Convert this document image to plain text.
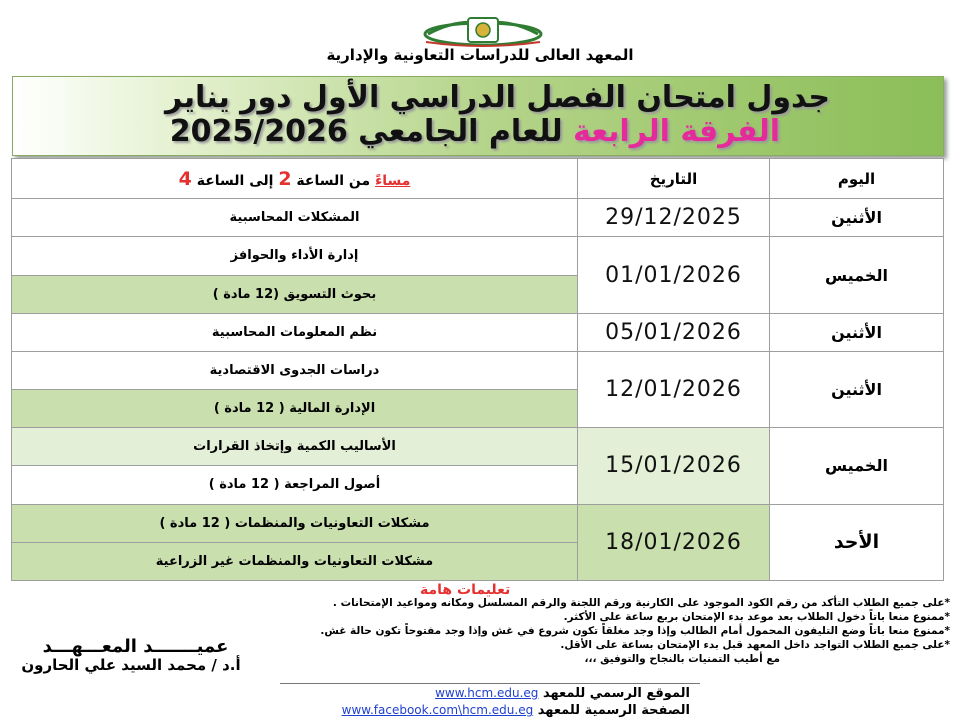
المعهد العالى للدراسات التعاونية والإدارية
جدول امتحان الفصل الدراسي الأول دور يناير
الفرقة الرابعة للعام الجامعي 2025/2026
اليوم	التاريخ	مساءً من الساعة 2 إلى الساعة 4
الأثنين	29/12/2025	المشكلات المحاسبية
الخميس	01/01/2026	إدارة الأداء والحوافز
		بحوث التسويق (12 مادة )
الأثنين	05/01/2026	نظم المعلومات المحاسبية
الأثنين	12/01/2026	دراسات الجدوى الاقتصادية
		الإدارة المالية ( 12 مادة )
الخميس	15/01/2026	الأساليب الكمية وإتخاذ القرارات
		أصول المراجعة ( 12 مادة )
الأحد	18/01/2026	مشكلات التعاونيات والمنظمات ( 12 مادة )
		مشكلات التعاونيات والمنظمات غير الزراعية
تعليمات هامة
*على جميع الطلاب التأكد من رقم الكود الموجود على الكارنية ورقم اللجنة والرقم المسلسل ومكانه ومواعيد الإمتحانات .
*ممنوع منعا باتاً دخول الطلاب بعد موعد بدء الإمتحان بربع ساعة على الأكثر.
*ممنوع منعا باتاً وضع التليفون المحمول أمام الطالب وإذا وجد مغلقاً تكون شروع في غش وإذا وجد مفتوحاً تكون حالة غش.
*على جميع الطلاب التواجد داخل المعهد قبل بدء الإمتحان بساعة على الأقل.
مع أطيب التمنيات بالنجاح والتوفيق ،،،
عميـــــــد المعـــهـــد
أ.د / محمد السيد علي الحارون
الموقع الرسمي للمعهد www.hcm.edu.eg
الصفحة الرسمية للمعهد www.facebook.com\hcm.edu.eg
